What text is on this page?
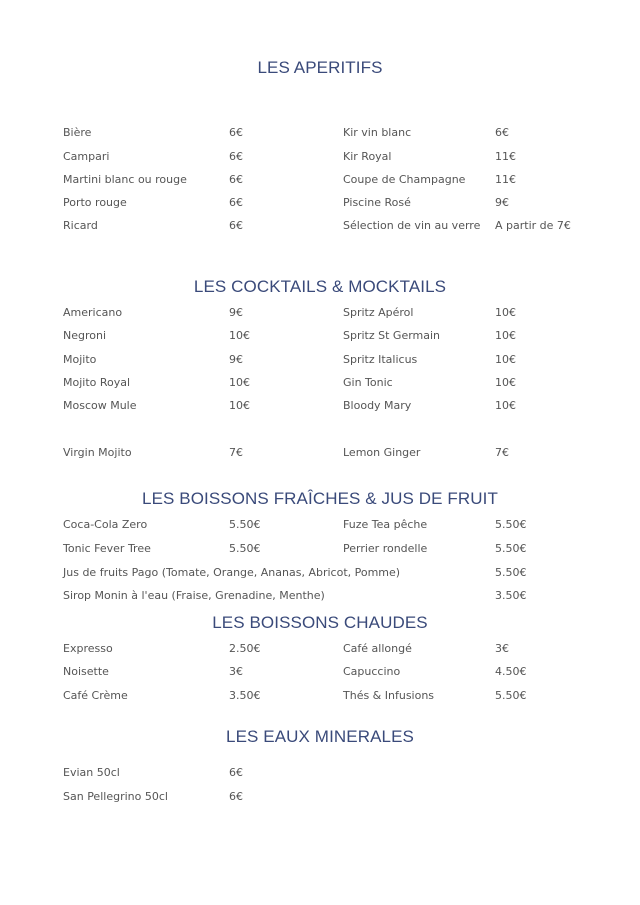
LES APERITIFS
Bière	6€	Kir vin blanc	6€
Campari	6€	Kir Royal	11€
Martini blanc ou rouge	6€	Coupe de Champagne	11€
Porto rouge	6€	Piscine Rosé	9€
Ricard	6€	Sélection de vin au verre A partir de 7€
LES COCKTAILS & MOCKTAILS
Americano	9€	Spritz Apérol	10€
Negroni	10€	Spritz St Germain	10€
Mojito	9€	Spritz Italicus	10€
Mojito Royal	10€	Gin Tonic	10€
Moscow Mule	10€	Bloody Mary	10€
Virgin Mojito	7€	Lemon Ginger	7€
LES BOISSONS FRAÎCHES & JUS DE FRUIT
Coca-Cola Zero	5.50€	Fuze Tea pêche	5.50€
Tonic Fever Tree	5.50€	Perrier rondelle	5.50€
Jus de fruits Pago (Tomate, Orange, Ananas, Abricot, Pomme)	5.50€
Sirop Monin à l'eau (Fraise, Grenadine, Menthe)	3.50€
LES BOISSONS CHAUDES
Expresso	2.50€	Café allongé	3€
Noisette	3€	Capuccino	4.50€
Café Crème	3.50€	Thés & Infusions	5.50€
LES EAUX MINERALES
Evian 50cl	6€
San Pellegrino 50cl	6€
